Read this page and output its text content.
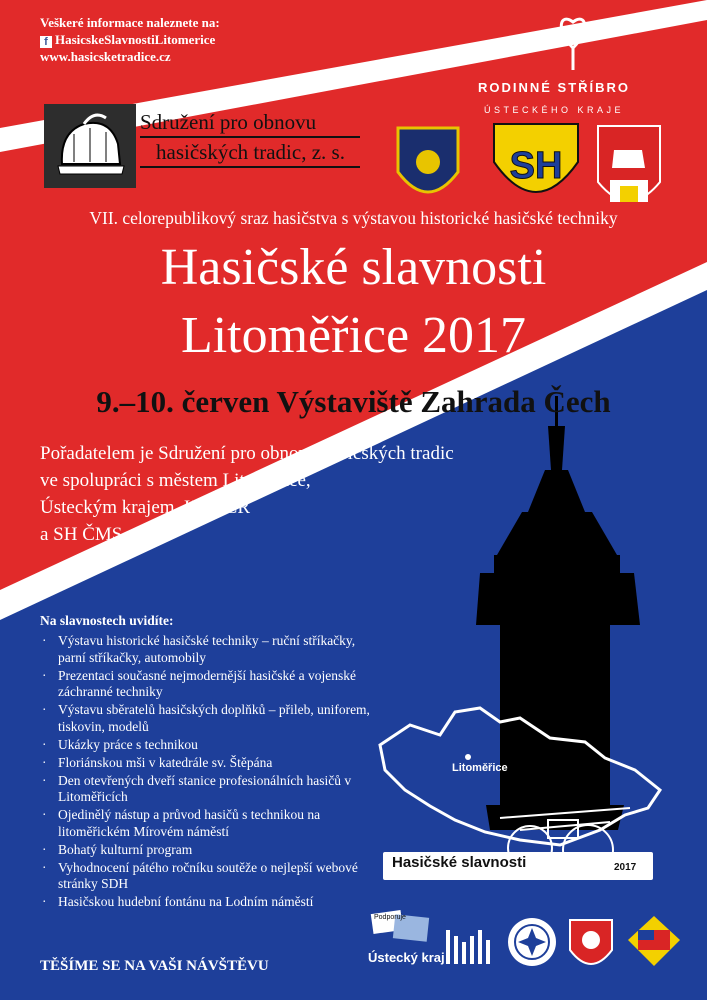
SH
Veškeré informace naleznete na:
f HasicskeSlavnostiLitomerice
www.hasicsketradice.cz
RODINNÉ STŘÍBRO
ÚSTECKÉHO KRAJE
Sdružení pro obnovu
hasičských tradic, z. s.
VII. celorepublikový sraz hasičstva s výstavou historické hasičské techniky
Hasičské slavnosti
Litoměřice 2017
9.–10. červen Výstaviště Zahrada Čech
Pořadatelem je Sdružení pro obnovu hasičských tradic
ve spolupráci s městem Litoměřice,
Ústeckým krajem, HZS ČR
a SH ČMS
Na slavnostech uvidíte:
· Výstavu historické hasičské techniky – ruční stříkačky, parní stříkačky, automobily
· Prezentaci současné nejmodernější hasičské a vojenské záchranné techniky
· Výstavu sběratelů hasičských doplňků – přileb, uniforem, tiskovin, modelů
· Ukázky práce s technikou
· Floriánskou mši v katedrále sv. Štěpána
· Den otevřených dveří stanice profesionálních hasičů v Litoměřicích
· Ojedinělý nástup a průvod hasičů s technikou na litoměřickém Mírovém náměstí
· Bohatý kulturní program
· Vyhodnocení pátého ročníku soutěže o nejlepší webové stránky SDH
· Hasičskou hudební fontánu na Lodním náměstí
TĚŠÍME SE NA VAŠI NÁVŠTĚVU
Litoměřice
Hasičské slavnosti	2017
Podporuje
Ústecký kraj
